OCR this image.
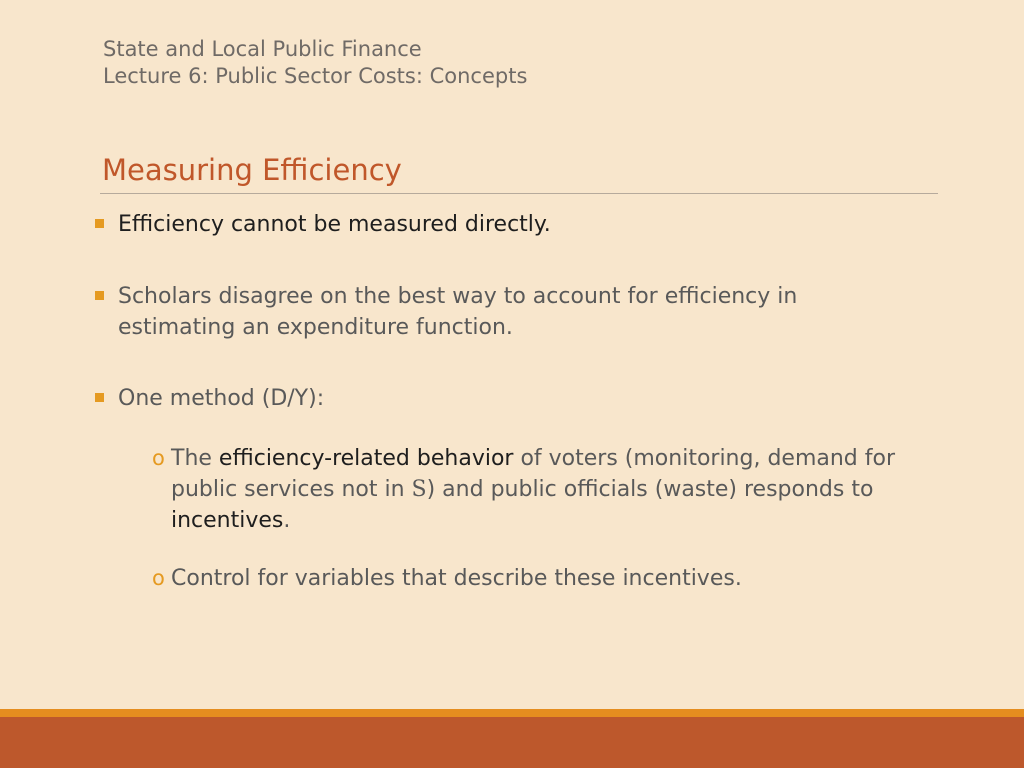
State and Local Public Finance
Lecture 6: Public Sector Costs: Concepts
Measuring Efficiency
Efficiency cannot be measured directly.
Scholars disagree on the best way to account for efficiency in estimating an expenditure function.
One method (D/Y):
o The efficiency-related behavior of voters (monitoring, demand for public services not in S) and public officials (waste) responds to incentives.
o Control for variables that describe these incentives.
